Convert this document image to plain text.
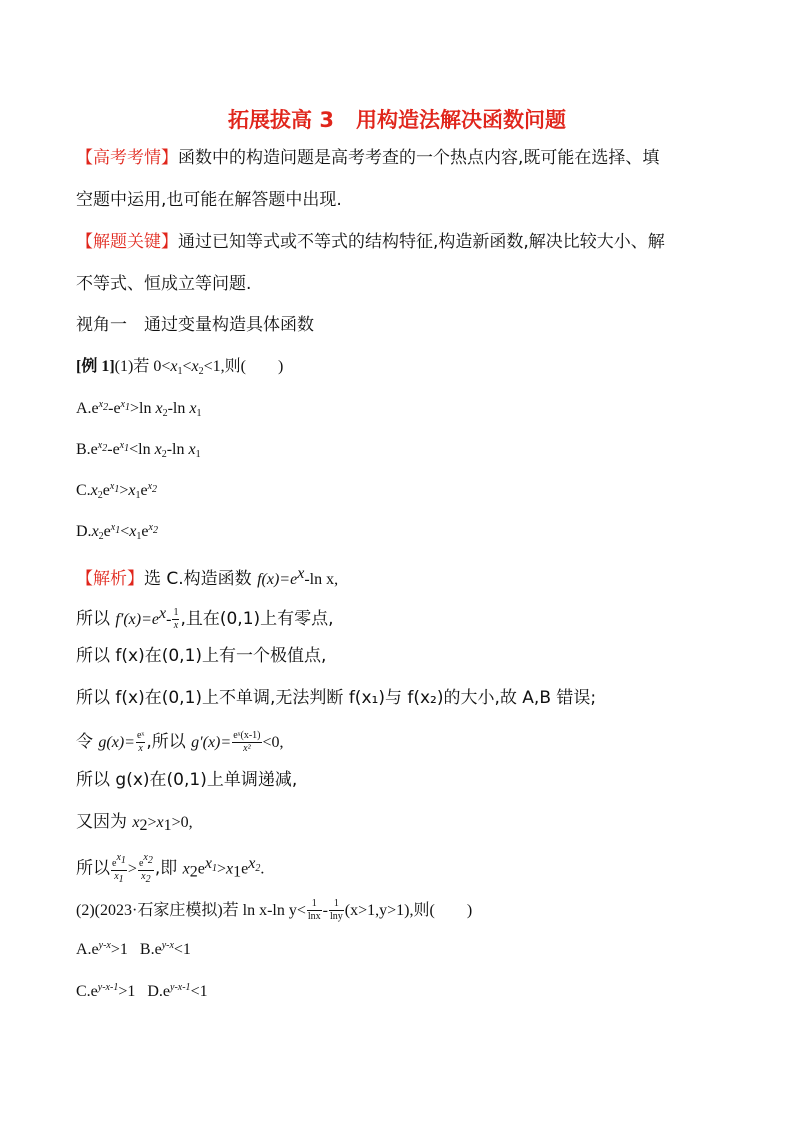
拓展拔高 3 用构造法解决函数问题
【高考考情】函数中的构造问题是高考考查的一个热点内容,既可能在选择、填
空题中运用,也可能在解答题中出现.
【解题关键】通过已知等式或不等式的结构特征,构造新函数,解决比较大小、解
不等式、恒成立等问题.
视角一　通过变量构造具体函数
[例 1](1)若 $0<x_1<x_2<1$,则(　　)
$A.e^{x_2}-e^{x_1}>\ln$ $x_2-\ln$ $x_1$
$B.e^{x_2}-e^{x_1}<\ln$ $x_2-\ln$ $x_1$
$C.x_2e^{x_1}>x_1e^{x_2}$
$D.x_2e^{x_1}<x_1e^{x_2}$
【解析】选 C.构造函数 $f(x)=e^x-\ln$ x,
所以 $f'(x)=e^x- \frac{1}{x}$ ,且在(0,1)上有零点,
所以 f(x)在(0,1)上有一个极值点,
所以 f(x)在(0,1)上不单调,无法判断 f(x₁)与 f(x₂)的大小,故 A,B 错误;
令 $g(x)= \frac{\text{eˣ}}{x}$ ,所以 $g'(x)= \frac{\text{eˣ(x-1)}}{\text{x²}} <0$,
所以 g(x)在(0,1)上单调递减,
又因为 $x_2>x_1>0$,
所以 $\frac{e^{x_1}}{x_1} > \frac{e^{x_2}}{x_2}$ ,即 $x_2e^{x_1}>x_1e^{x_2}$.
(2)(2023·石家庄模拟)若 ln x-ln $y< \frac{1}{\ln x} - \frac{1}{\ln y} (x>1,y>1)$,则(　　)
$A.e^{y-x}>1$ $B.e^{y-x}<1$
$C.e^{y-x-1}>1$ $D.e^{y-x-1}<1$
